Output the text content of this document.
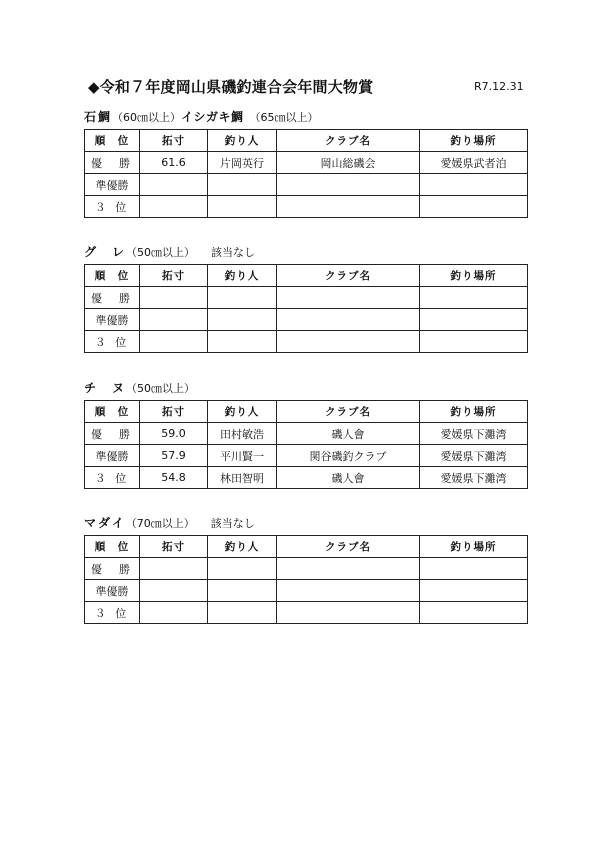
◆令和７年度岡山県磯釣連合会年間大物賞	R7.12.31
石鯛（60㎝以上）イシガキ鯛 （65㎝以上）
順　位	拓寸	釣り人	クラブ名	釣り場所
優　勝	61.6	片岡英行	岡山総磯会	愛媛県武者泊
準優勝				
３ 位				
グ　レ（50㎝以上） 該当なし
順　位	拓寸	釣り人	クラブ名	釣り場所
優　勝				
準優勝				
３ 位				
チ　ヌ（50㎝以上）
順　位	拓寸	釣り人	クラブ名	釣り場所
優　勝	59.0	田村敏浩	磯人會	愛媛県下灘湾
準優勝	57.9	平川賢一	関谷磯釣クラブ	愛媛県下灘湾
３ 位	54.8	林田智明	磯人會	愛媛県下灘湾
マダイ（70㎝以上） 該当なし
順　位	拓寸	釣り人	クラブ名	釣り場所
優　勝				
準優勝				
３ 位				
